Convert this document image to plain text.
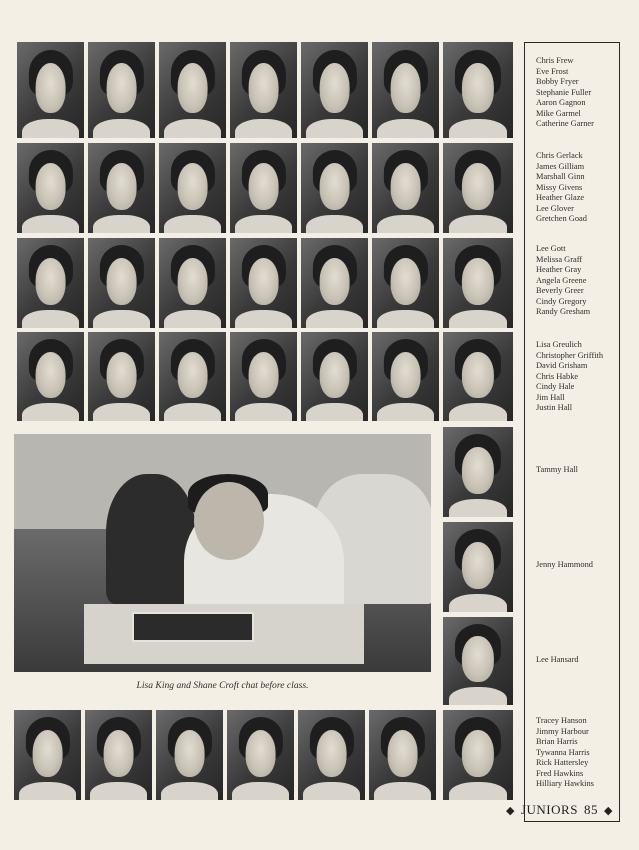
Lisa King and Shane Croft chat before class.
Chris Frew
Eve Frost
Bobby Fryer
Stephanie Fuller
Aaron Gagnon
Mike Garmel
Catherine Garner
Chris Gerlack
James Gilliam
Marshall Ginn
Missy Givens
Heather Glaze
Lee Glover
Gretchen Goad
Lee Gott
Melissa Graff
Heather Gray
Angela Greene
Beverly Greer
Cindy Gregory
Randy Gresham
Lisa Greulich
Christopher Griffith
David Grisham
Chris Habke
Cindy Hale
Jim Hall
Justin Hall
Tammy Hall
Jenny Hammond
Lee Hansard
Tracey Hanson
Jimmy Harbour
Brian Harris
Tywanna Harris
Rick Hattersley
Fred Hawkins
Hilliary Hawkins
◆ JUNIORS 85 ◆
